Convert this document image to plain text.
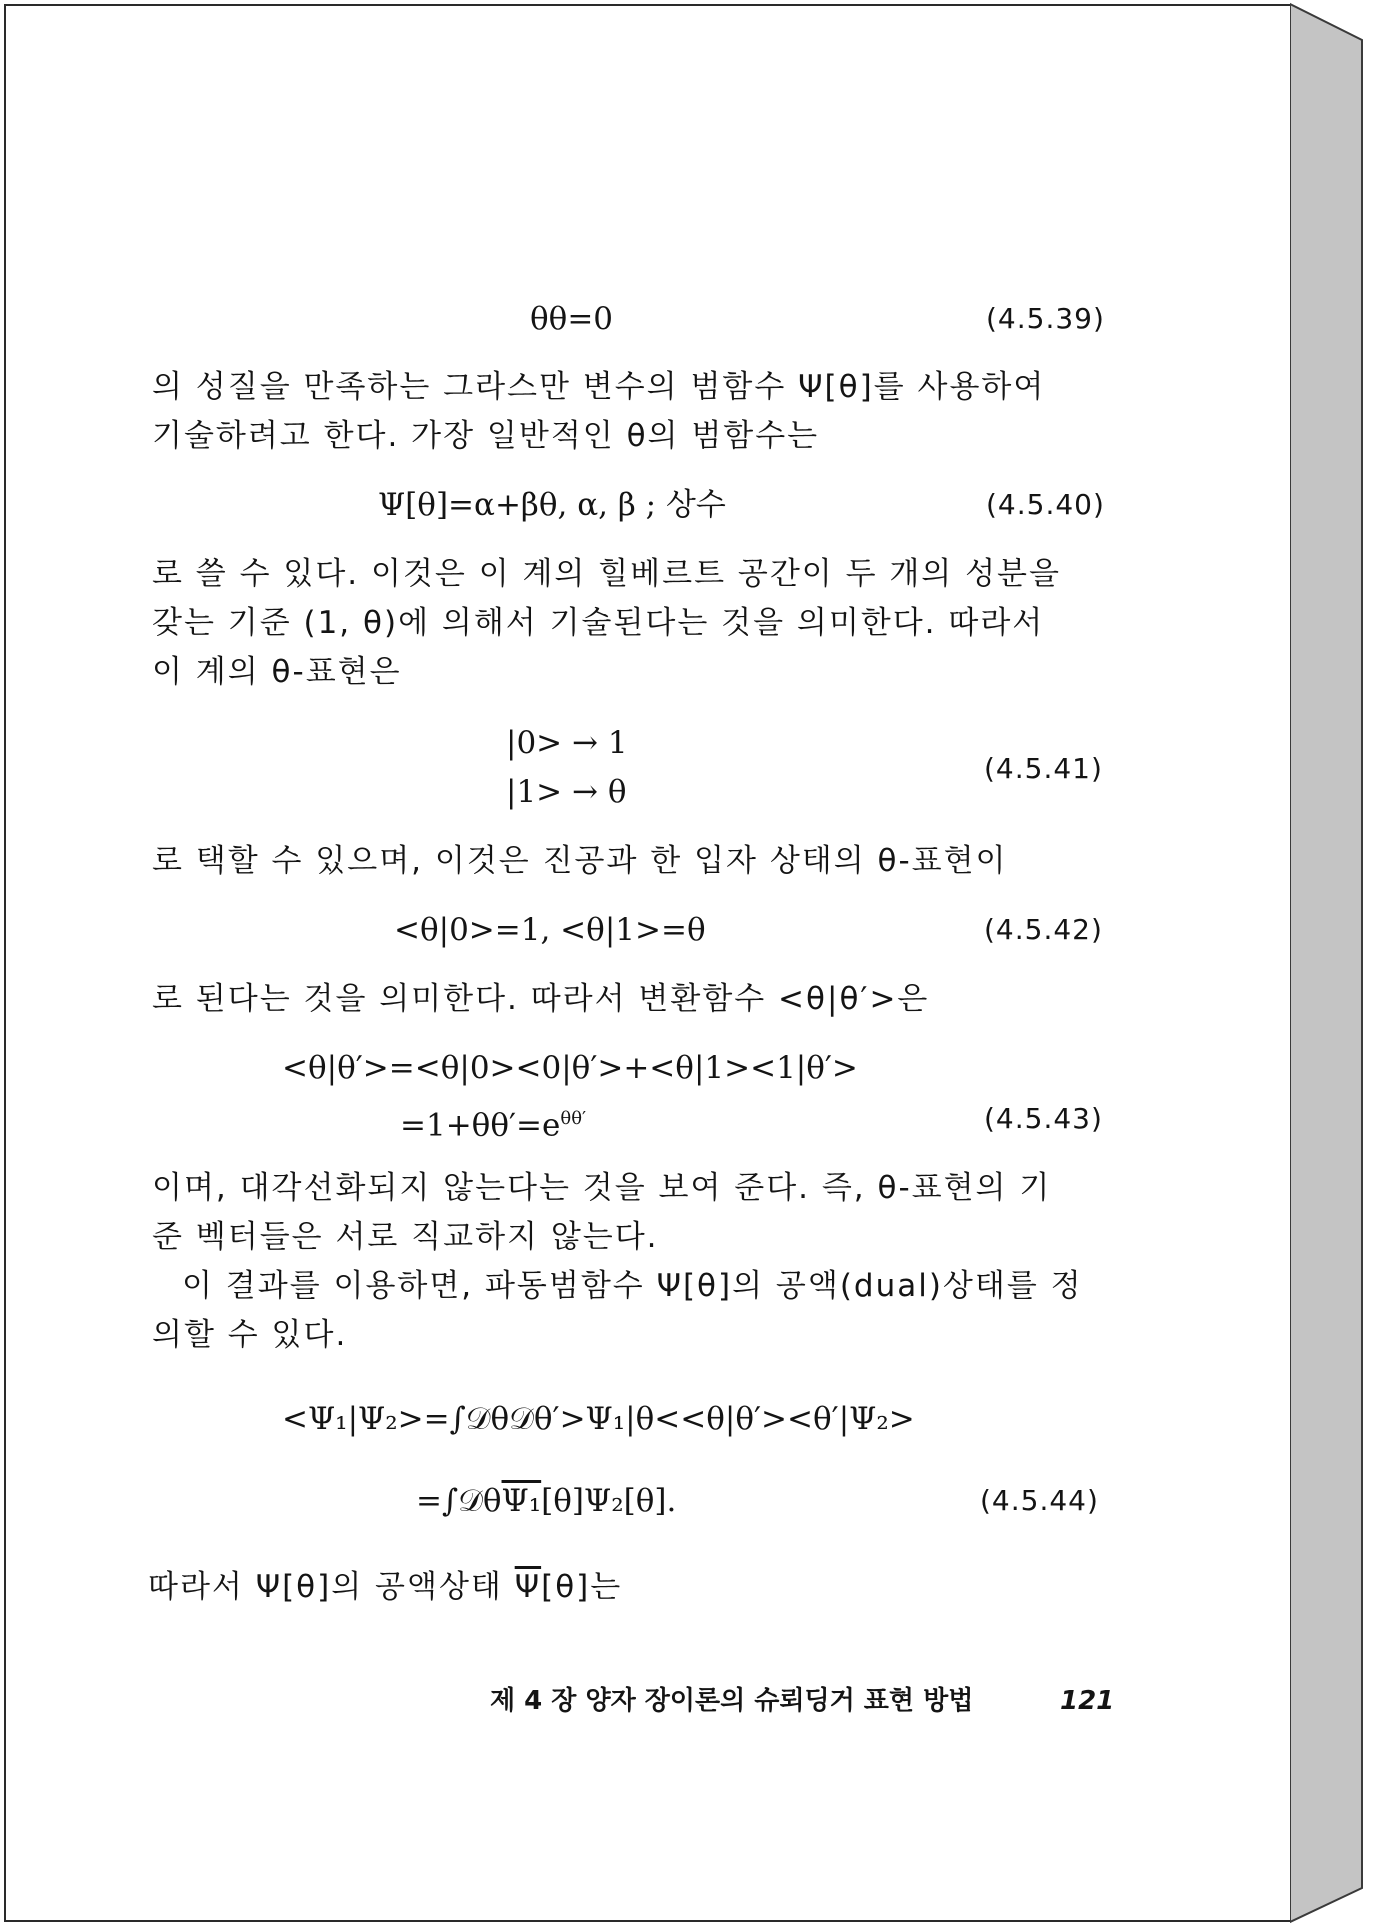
θθ=0	(4.5.39)
의 성질을 만족하는 그라스만 변수의 범함수 Ψ[θ]를 사용하여
기술하려고 한다. 가장 일반적인 θ의 범함수는
Ψ[θ]=α+βθ, α, β ; 상수	(4.5.40)
로 쓸 수 있다. 이것은 이 계의 힐베르트 공간이 두 개의 성분을
갖는 기준 (1, θ)에 의해서 기술된다는 것을 의미한다. 따라서
이 계의 θ-표현은
|0> → 1
|1> → θ
(4.5.41)
로 택할 수 있으며, 이것은 진공과 한 입자 상태의 θ-표현이
<θ|0>=1, <θ|1>=θ	(4.5.42)
로 된다는 것을 의미한다. 따라서 변환함수 <θ|θ′>은
<θ|θ′>=<θ|0><0|θ′>+<θ|1><1|θ′>
$=1+\theta\theta'=e^{\theta\theta'}$	(4.5.43)
이며, 대각선화되지 않는다는 것을 보여 준다. 즉, θ-표현의 기
준 벡터들은 서로 직교하지 않는다.
이 결과를 이용하면, 파동범함수 Ψ[θ]의 공액(dual)상태를 정
의할 수 있다.
<Ψ₁|Ψ₂>=∫𝒟θ𝒟θ′>Ψ₁|θ<<θ|θ′><θ′|Ψ₂>
=∫𝒟θΨ₁[θ]Ψ₂[θ].	(4.5.44)
따라서 Ψ[θ]의 공액상태 $\overline{\Psi}[\theta]$는
제 4 장 양자 장이론의 슈뢰딩거 표현 방법	121
